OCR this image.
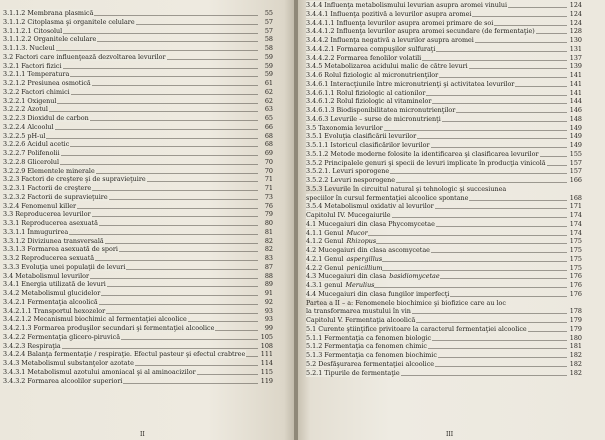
3.1.1.2 Membrana plasmică	55
3.1.1.2 Citoplasma şi organitele celulare	57
3.1.1.2.1 Citosolul	57
3.1.1.2.2 Organitele celulare	58
3.1.1.3. Nucleul	58
3.2 Factori care influenţează dezvoltarea levurilor	59
3.2.1 Factori fizici	59
3.2.1.1 Temperatura	59
3.2.1.2 Presiunea osmotică	61
3.2.2 Factori chimici	62
3.2.2.1 Oxigenul	62
3.2.2.2 Azotul	63
3.2.2.3 Dioxidul de carbon	65
3.2.2.4 Alcoolul	66
3.2.2.5 pH-ul	68
3.2.2.6 Acidul acetic	68
3.2.2.7 Polifenolii	69
3.2.2.8 Glicerolul	70
3.2.2.9 Elementele minerale	70
3.2.3 Factori de creştere şi de supravieţuire	71
3.2.3.1 Factorii de creştere	71
3.2.3.2 Factorii de supravieţuire	73
3.2.4 Fenomenul killer	76
3.3 Reproducerea levurilor	79
3.3.1 Reproducerea asexuată	80
3.3.1.1 Înmugurirea	81
3.3.1.2 Diviziunea transversală	82
3.3.1.3 Formarea asexuată de spori	82
3.3.2 Reproducerea sexuată	83
3.3.3 Evoluţia unei populaţii de levuri	87
3.4 Metabolismul levurilor	88
3.4.1 Energia utilizată de levuri	89
3.4.2 Metabolismul glucidelor	91
3.4.2.1 Fermentaţia alcoolică	92
3.4.2.1.1 Transportul hexozelor	93
3.4.2.1.2 Mecanismul biochimic al fermentaţiei alcoolice	93
3.4.2.1.3 Formarea produşilor secundari şi fermentaţiei alcoolice	99
3.4.2.2 Fermentaţia glicero-piruvică	105
3.4.2.3 Respiraţia	108
3.4.2.4 Balanţa fermentaţie / respiraţie. Efectul pasteur şi efectul crabtree	111
3.4.3 Metabolismul substanţelor azotate	114
3.4.3.1 Metabolismul azotului amoniacal şi al aminoacizilor	115
3.4.3.2 Formarea alcoolilor superiori	119
II
3.4.4 Influenţa metabolismului levurian asupra aromei vinului	124
3.4.4.1 Influenţa pozitivă a levurilor asupra aromei	124
3.4.4.1.1 Influenţa levurilor asupra aromei primare de soi	124
3.4.4.1.2 Influenţa levurilor asupra aromei secundare (de fermentaţie)	128
3.4.4.2 Influenţa negativă a levurilor asupra aromei	130
3.4.4.2.1 Formarea compuşilor sulfuraţi	131
3.4.4.2.2 Formarea fenolilor volatili	137
3.4.5 Metabolizarea acidului malic de către levuri	139
3.4.6 Rolul fiziologic al micronutrienţilor	141
3.4.6.1 Interacţiunile între micronutrienţi şi activitatea levurilor	141
3.4.6.1.1 Rolul fiziologic al cationilor	141
3.4.6.1.2 Rolul fiziologic al vitaminelor	144
3.4.6.1.3 Biodisponibilitatea micronutrienţilor	146
3.4.6.3 Levurile – surse de micronutrienţi	148
3.5 Taxonomia levurilor	149
3.5.1 Evoluţia clasificării levurilor	149
3.5.1.1 Istoricul clasificărilor levurilor	149
3.5.1.2 Metode moderne folosite la identificarea şi clasificarea levurilor	155
3.5.2 Principalele genuri şi specii de levuri implicate în producţia vinicolă	157
3.5.2.1. Levuri sporogene	157
3.5.2.2 Levuri nesporogene	166
3.5.3 Levurile în circuitul natural şi tehnologic şi succesiunea
speciilor în cursul fermentaţiei alcoolice spontane	168
3.5.4 Metabolismul oxidativ al levurilor	171
Capitolul IV. Mucegaiurile	174
4.1 Mucegaiuri din clasa Phycomycetae	174
4.1.1 Genul Mucor	174
4.1.2 Genul Rhizopus	175
4.2 Mucegaiuri din clasa ascomycetae	175
4.2.1 Genul aspergillus	175
4.2.2 Genul penicillium	175
4.3 Mucegaiuri din clasa basidiomycetae	176
4.3.1 genul Merulius	176
4.4 Mucegaiuri din clasa fungilor imperfecţi	176
Partea a II – a: Fenomenele biochimice şi biofizice care au loc
la transformarea mustului în vin	178
Capitolul V. Fermentaţia alcoolică	179
5.1 Curente ştiinţifice privitoare la caracterul fermentaţiei alcoolice	179
5.1.1 Fermentaţia ca fenomen biologic	180
5.1.2 Fermentaţia ca fenomen chimic	181
5.1.3 Fermentaţia ca fenomen biochimic	182
5.2 Desfăşurarea fermentaţiei alcoolice	182
5.2.1 Tipurile de fermentaţie	182
III
